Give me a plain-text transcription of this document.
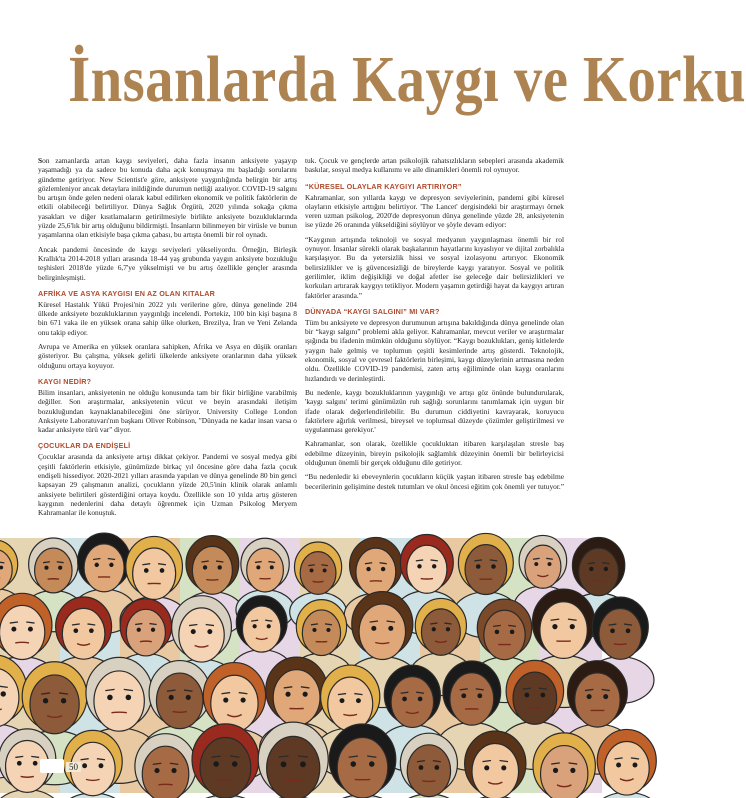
İnsanlarda Kaygı ve Korku

Son zamanlarda artan kaygı seviyeleri, daha fazla insanın anksiyete yaşayıp yaşamadığı ya da sadece bu konuda daha açık konuşmaya mı başladığı sorularını gündeme getiriyor. New Scientist'e göre, anksiyete yaygınlığında belirgin bir artış gözlemleniyor ancak detaylara inildiğinde durumun netliği azalıyor. COVID-19 salgını bu artışın önde gelen nedeni olarak kabul edilirken ekonomik ve politik faktörlerin de etkili olabileceği belirtiliyor. Dünya Sağlık Örgütü, 2020 yılında sokağa çıkma yasakları ve diğer kısıtlamaların getirilmesiyle birlikte anksiyete bozukluklarında yüzde 25,6'lık bir artış olduğunu bildirmişti. İnsanların bilinmeyen bir virüsle ve bunun yaşamlarına olan etkisiyle başa çıkma çabası, bu artışta önemli bir rol oynadı.

Ancak pandemi öncesinde de kaygı seviyeleri yükseliyordu. Örneğin, Birleşik Krallık'ta 2014-2018 yılları arasında 18-44 yaş grubunda yaygın anksiyete bozukluğu teşhisleri 2018'de yüzde 6,7'ye yükselmişti ve bu artış özellikle gençler arasında belirginleşmişti.

AFRİKA VE ASYA KAYGISI EN AZ OLAN KITALAR

Küresel Hastalık Yükü Projesi'nin 2022 yılı verilerine göre, dünya genelinde 204 ülkede anksiyete bozukluklarının yaygınlığı incelendi. Portekiz, 100 bin kişi başına 8 bin 671 vaka ile en yüksek orana sahip ülke olurken, Brezilya, İran ve Yeni Zelanda onu takip ediyor.

Avrupa ve Amerika en yüksek oranlara sahipken, Afrika ve Asya en düşük oranları gösteriyor. Bu çalışma, yüksek gelirli ülkelerde anksiyete oranlarının daha yüksek olduğunu ortaya koyuyor.

KAYGI NEDİR?

Bilim insanları, anksiyetenin ne olduğu konusunda tam bir fikir birliğine varabilmiş değiller. Son araştırmalar, anksiyetenin vücut ve beyin arasındaki iletişim bozukluğundan kaynaklanabileceğini öne sürüyor. University College London Anksiyete Laboratuvarı'nın başkanı Oliver Robinson, "Dünyada ne kadar insan varsa o kadar anksiyete türü var" diyor.

ÇOCUKLAR DA ENDİŞELİ

Çocuklar arasında da anksiyete artışı dikkat çekiyor. Pandemi ve sosyal medya gibi çeşitli faktörlerin etkisiyle, günümüzde birkaç yıl öncesine göre daha fazla çocuk endişeli hissediyor. 2020-2021 yılları arasında yapılan ve dünya genelinde 80 bin genci kapsayan 29 çalışmanın analizi, çocukların yüzde 20,5'inin klinik olarak anlamlı anksiyete belirtileri gösterdiğini ortaya koydu. Özellikle son 10 yılda artış gösteren kaygının nedenlerini daha detaylı öğrenmek için Uzman Psikolog Meryem Kahramanlar ile konuştuk.

tuk. Çocuk ve gençlerde artan psikolojik rahatsızlıkların sebepleri arasında akademik baskılar, sosyal medya kullanımı ve aile dinamikleri önemli rol oynuyor.

“KÜRESEL OLAYLAR KAYGIYI ARTIRIYOR”

Kahramanlar, son yıllarda kaygı ve depresyon seviyelerinin, pandemi gibi küresel olayların etkisiyle arttığını belirtiyor. 'The Lancet' dergisindeki bir araştırmayı örnek veren uzman psikolog, 2020'de depresyonun dünya genelinde yüzde 28, anksiyetenin ise yüzde 26 oranında yükseldiğini söylüyor ve şöyle devam ediyor:

“Kaygının artışında teknoloji ve sosyal medyanın yaygınlaşması önemli bir rol oynuyor. İnsanlar sürekli olarak başkalarının hayatlarını kıyaslıyor ve dijital zorbalıkla karşılaşıyor. Bu da yetersizlik hissi ve sosyal izolasyonu artırıyor. Ekonomik belirsizlikler ve iş güvencesizliği de bireylerde kaygı yaratıyor. Sosyal ve politik gerilimler, iklim değişikliği ve doğal afetler ise geleceğe dair belirsizlikleri ve korkuları artırarak kaygıyı tetikliyor. Modern yaşamın getirdiği hayat da kaygıyı artıran faktörler arasında.”

DÜNYADA “KAYGI SALGINI” MI VAR?

Tüm bu anksiyete ve depresyon durumunun artışına bakıldığında dünya genelinde olan bir “kaygı salgını” problemi akla geliyor. Kahramanlar, mevcut veriler ve araştırmalar ışığında bu ifadenin mümkün olduğunu söylüyor. “Kaygı bozuklukları, geniş kitlelerde yaygın hale gelmiş ve toplumun çeşitli kesimlerinde artış gösterdi. Teknolojik, ekonomik, sosyal ve çevresel faktörlerin birleşimi, kaygı düzeylerinin artmasına neden oldu. Özellikle COVID-19 pandemisi, zaten artış eğiliminde olan kaygı oranlarını hızlandırdı ve derinleştirdi.

Bu nedenle, kaygı bozukluklarının yaygınlığı ve artışı göz önünde bulundurularak, 'kaygı salgını' terimi günümüzün ruh sağlığı sorunlarını tanımlamak için uygun bir ifade olarak değerlendirilebilir. Bu durumun ciddiyetini kavrayarak, koruyucu faktörlere ağırlık verilmesi, bireysel ve toplumsal düzeyde çözümler geliştirilmesi ve uygulanması gerekiyor.'

Kahramanlar, son olarak, özellikle çocukluktan itibaren karşılaşılan stresle baş edebilme düzeyinin, bireyin psikolojik sağlamlık düzeyinin önemli bir belirleyicisi olduğunun önemli bir gerçek olduğunu dile getiriyor.

“Bu nedenledir ki ebeveynlerin çocukların küçük yaştan itibaren stresle baş edebilme becerilerinin gelişimine destek tutumları ve okul öncesi eğitim çok önemli yer tutuyor.”

50
